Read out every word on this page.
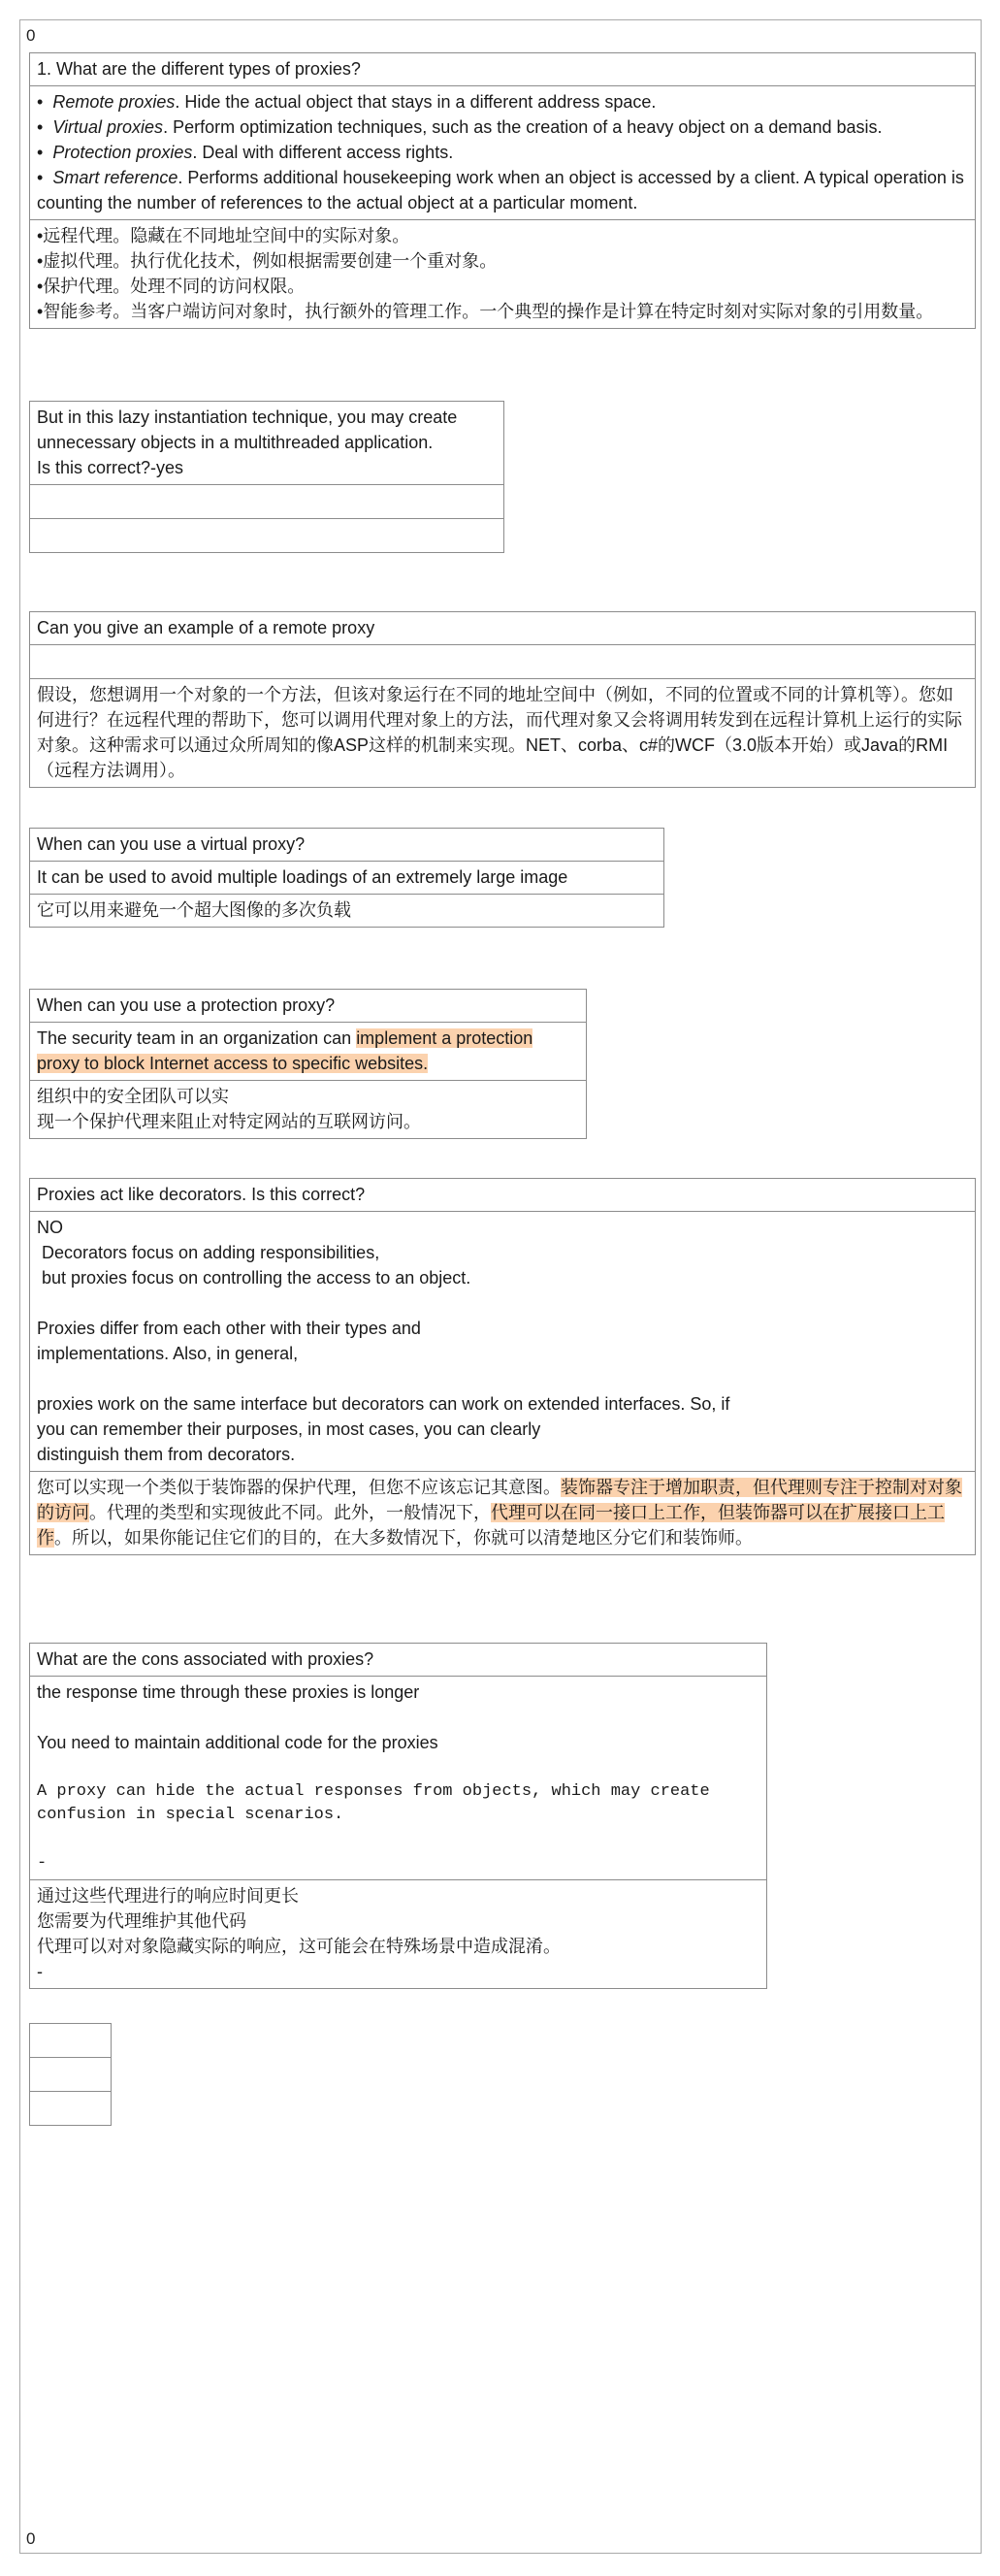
0
0
1. What are the different types of proxies?

• Remote proxies. Hide the actual object that stays in a different address space.
• Virtual proxies. Perform optimization techniques, such as the creation of a heavy object on a demand basis.
• Protection proxies. Deal with different access rights.
• Smart reference. Performs additional housekeeping work when an object is accessed by a client. A typical operation is counting the number of references to the actual object at a particular moment.

•远程代理。隐藏在不同地址空间中的实际对象。
•虚拟代理。执行优化技术，例如根据需要创建一个重对象。
•保护代理。处理不同的访问权限。
•智能参考。当客户端访问对象时，执行额外的管理工作。一个典型的操作是计算在特定时刻对实际对象的引用数量。
But in this lazy instantiation technique, you may create
unnecessary objects in a multithreaded application.
Is this correct?-yes

Can you give an example of a remote proxy

假设，您想调用一个对象的一个方法，但该对象运行在不同的地址空间中（例如，不同的位置或不同的计算机等）。您如何进行？在远程代理的帮助下，您可以调用代理对象上的方法，而代理对象又会将调用转发到在远程计算机上运行的实际对象。这种需求可以通过众所周知的像ASP这样的机制来实现。NET、corba、c#的WCF（3.0版本开始）或Java的RMI（远程方法调用）。
When can you use a virtual proxy?
It can be used to avoid multiple loadings of an extremely large image
它可以用来避免一个超大图像的多次负载
When can you use a protection proxy?
The security team in an organization can implement a protection proxy to block Internet access to specific websites.

组织中的安全团队可以实
现一个保护代理来阻止对特定网站的互联网访问。
Proxies act like decorators. Is this correct?

NO
Decorators focus on adding responsibilities,
but proxies focus on controlling the access to an object.
Proxies differ from each other with their types and
implementations. Also, in general,
proxies work on the same interface but decorators can work on extended interfaces. So, if
you can remember their purposes, in most cases, you can clearly
distinguish them from decorators.

您可以实现一个类似于装饰器的保护代理，但您不应该忘记其意图。装饰器专注于增加职责，但代理则专注于控制对对象的访问。代理的类型和实现彼此不同。此外，一般情况下，代理可以在同一接口上工作，但装饰器可以在扩展接口上工作。所以，如果你能记住它们的目的，在大多数情况下，你就可以清楚地区分它们和装饰师。
What are the cons associated with proxies?

the response time through these proxies is longer
You need to maintain additional code for the proxies
A proxy can hide the actual responses from objects, which may create confusion in special scenarios.
-

通过这些代理进行的响应时间更长
您需要为代理维护其他代码
代理可以对对象隐藏实际的响应，这可能会在特殊场景中造成混淆。
-
